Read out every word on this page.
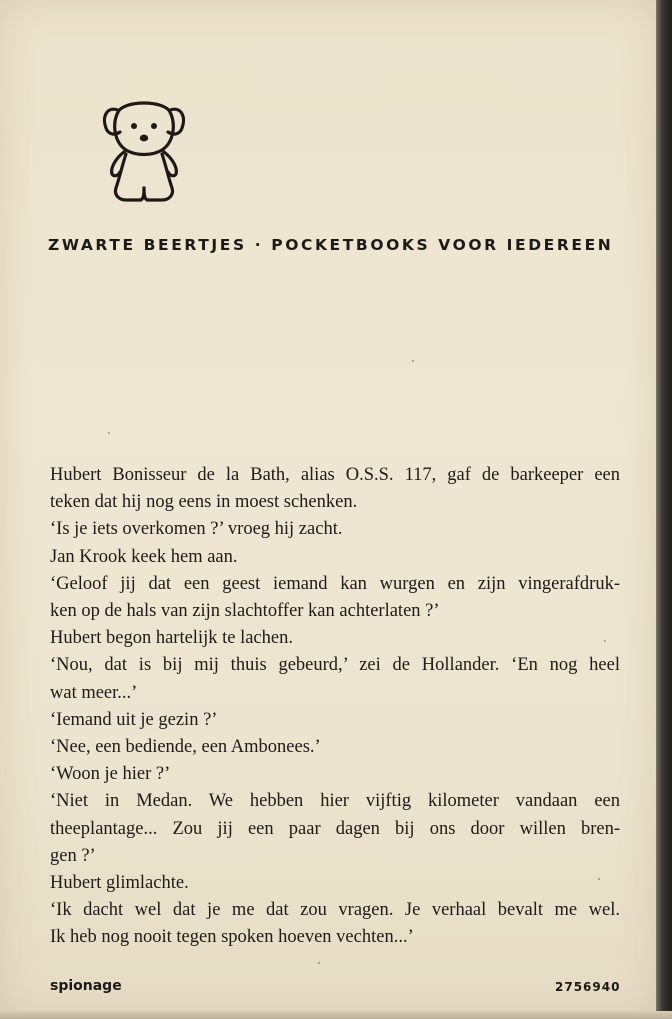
ZWARTE BEERTJES · POCKETBOOKS VOOR IEDEREEN

Hubert Bonisseur de la Bath, alias O.S.S. 117, gaf de barkeeper een

teken dat hij nog eens in moest schenken.

‘Is je iets overkomen ?’ vroeg hij zacht.

Jan Krook keek hem aan.

‘Geloof jij dat een geest iemand kan wurgen en zijn vingerafdruk-

ken op de hals van zijn slachtoffer kan achterlaten ?’

Hubert begon hartelijk te lachen.

‘Nou, dat is bij mij thuis gebeurd,’ zei de Hollander. ‘En nog heel

wat meer...’

‘Iemand uit je gezin ?’

‘Nee, een bediende, een Ambonees.’

‘Woon je hier ?’

‘Niet in Medan. We hebben hier vijftig kilometer vandaan een

theeplantage... Zou jij een paar dagen bij ons door willen bren-

gen ?’

Hubert glimlachte.

‘Ik dacht wel dat je me dat zou vragen. Je verhaal bevalt me wel.

Ik heb nog nooit tegen spoken hoeven vechten...’

spionage	2756940
